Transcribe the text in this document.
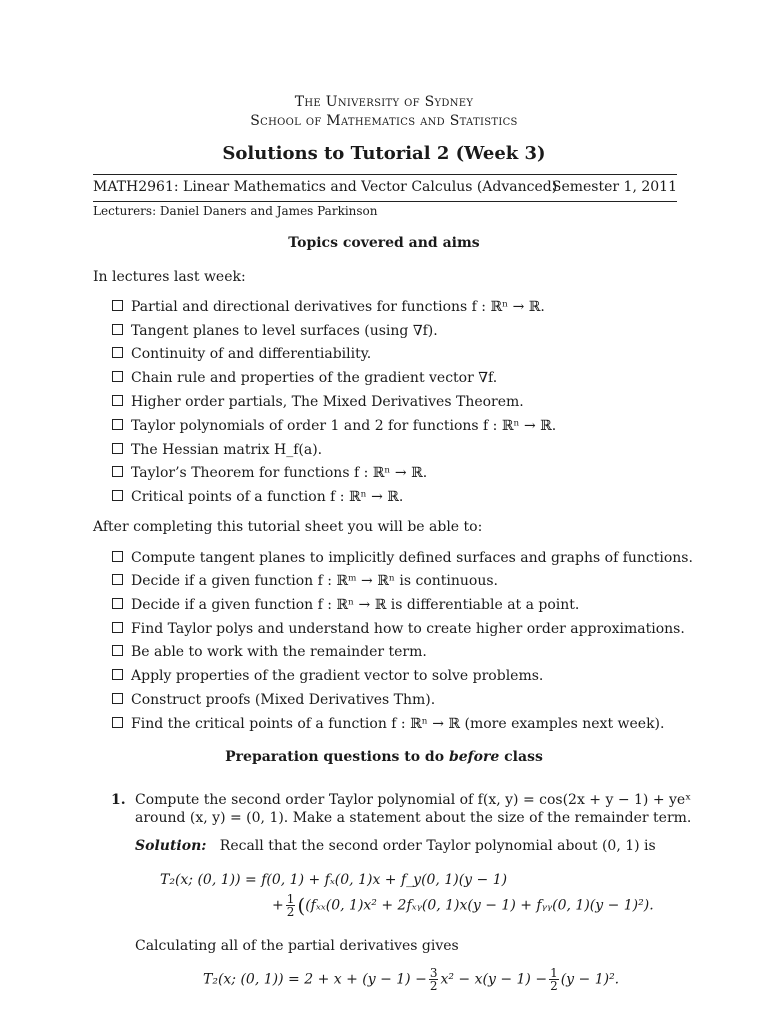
The University of Sydney
School of Mathematics and Statistics
Solutions to Tutorial 2 (Week 3)
MATH2961: Linear Mathematics and Vector Calculus (Advanced)
Semester 1, 2011
Lecturers: Daniel Daners and James Parkinson
Topics covered and aims
In lectures last week:
Partial and directional derivatives for functions f : ℝⁿ → ℝ.
Tangent planes to level surfaces (using ∇f).
Continuity of and differentiability.
Chain rule and properties of the gradient vector ∇f.
Higher order partials, The Mixed Derivatives Theorem.
Taylor polynomials of order 1 and 2 for functions f : ℝⁿ → ℝ.
The Hessian matrix H_f(a).
Taylor’s Theorem for functions f : ℝⁿ → ℝ.
Critical points of a function f : ℝⁿ → ℝ.
After completing this tutorial sheet you will be able to:
Compute tangent planes to implicitly defined surfaces and graphs of functions.
Decide if a given function f : ℝᵐ → ℝⁿ is continuous.
Decide if a given function f : ℝⁿ → ℝ is differentiable at a point.
Find Taylor polys and understand how to create higher order approximations.
Be able to work with the remainder term.
Apply properties of the gradient vector to solve problems.
Construct proofs (Mixed Derivatives Thm).
Find the critical points of a function f : ℝⁿ → ℝ (more examples next week).
Preparation questions to do before class
1. Compute the second order Taylor polynomial of f(x, y) = cos(2x + y − 1) + yeˣ
around (x, y) = (0, 1). Make a statement about the size of the remainder term.
Solution: Recall that the second order Taylor polynomial about (0, 1) is
T₂(x; (0, 1)) = f(0, 1) + fₓ(0, 1)x + f_y(0, 1)(y − 1)
+ $\frac{1}{2} ((f_{xx}(0$, 1)x² + 2fₓᵧ(0, 1)x(y − 1) + fᵧᵧ(0, 1)(y − 1)²).
Calculating all of the partial derivatives gives
T₂(x; (0, $1)) = 2 + x + (y - 1) - \frac{3}{2} x^2 - x(y - 1) - \frac{1}{2} (y - 1)^2$.
